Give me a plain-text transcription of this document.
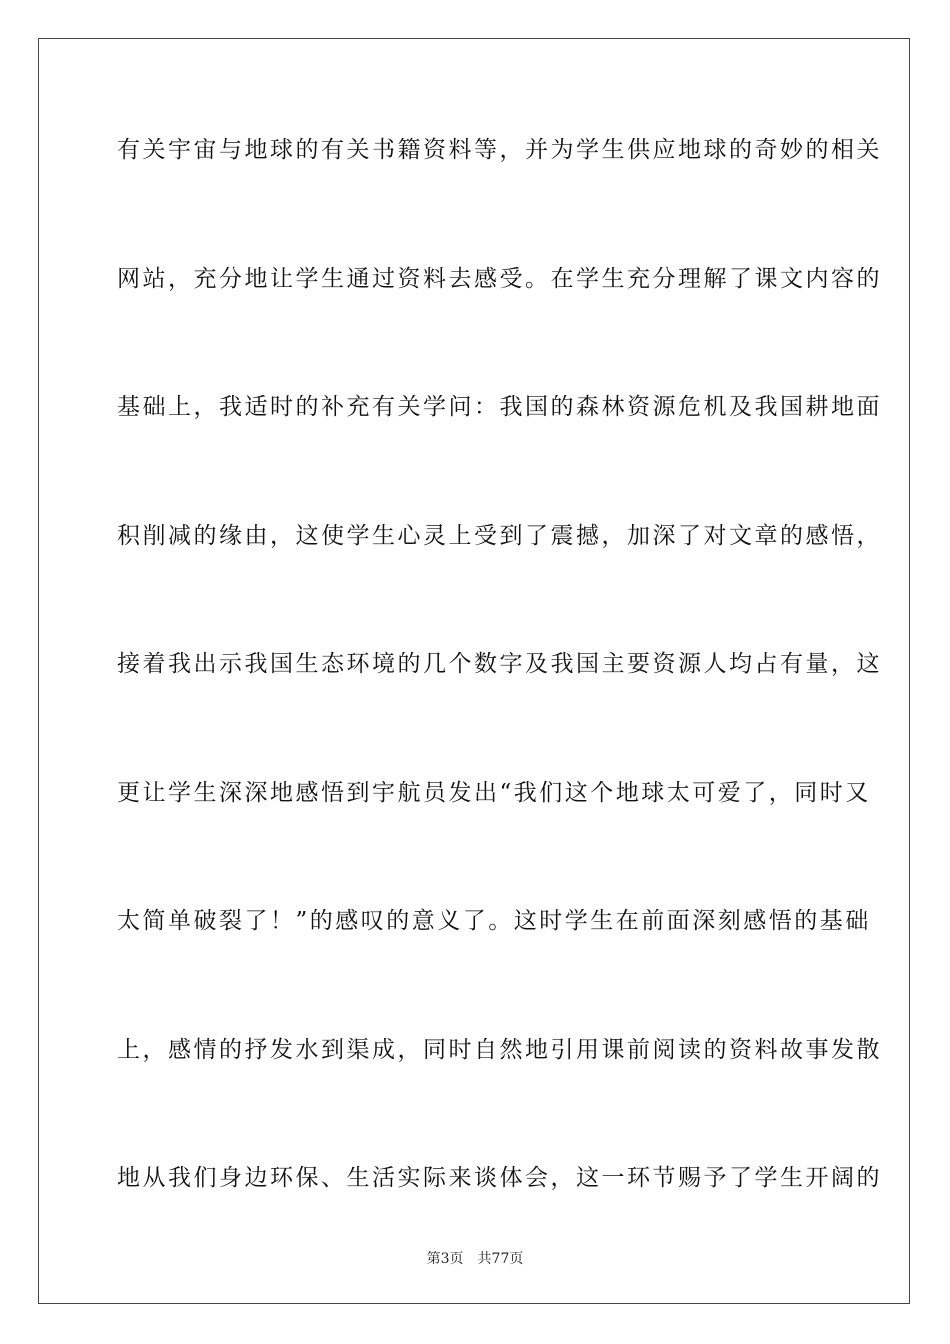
有关宇宙与地球的有关书籍资料等，并为学生供应地球的奇妙的相关
网站，充分地让学生通过资料去感受。在学生充分理解了课文内容的
基础上，我适时的补充有关学问：我国的森林资源危机及我国耕地面
积削减的缘由，这使学生心灵上受到了震撼，加深了对文章的感悟，
接着我出示我国生态环境的几个数字及我国主要资源人均占有量，这
更让学生深深地感悟到宇航员发出“我们这个地球太可爱了，同时又
太简单破裂了！”的感叹的意义了。这时学生在前面深刻感悟的基础
上，感情的抒发水到渠成，同时自然地引用课前阅读的资料故事发散
地从我们身边环保、生活实际来谈体会，这一环节赐予了学生开阔的
第3页 共77页
